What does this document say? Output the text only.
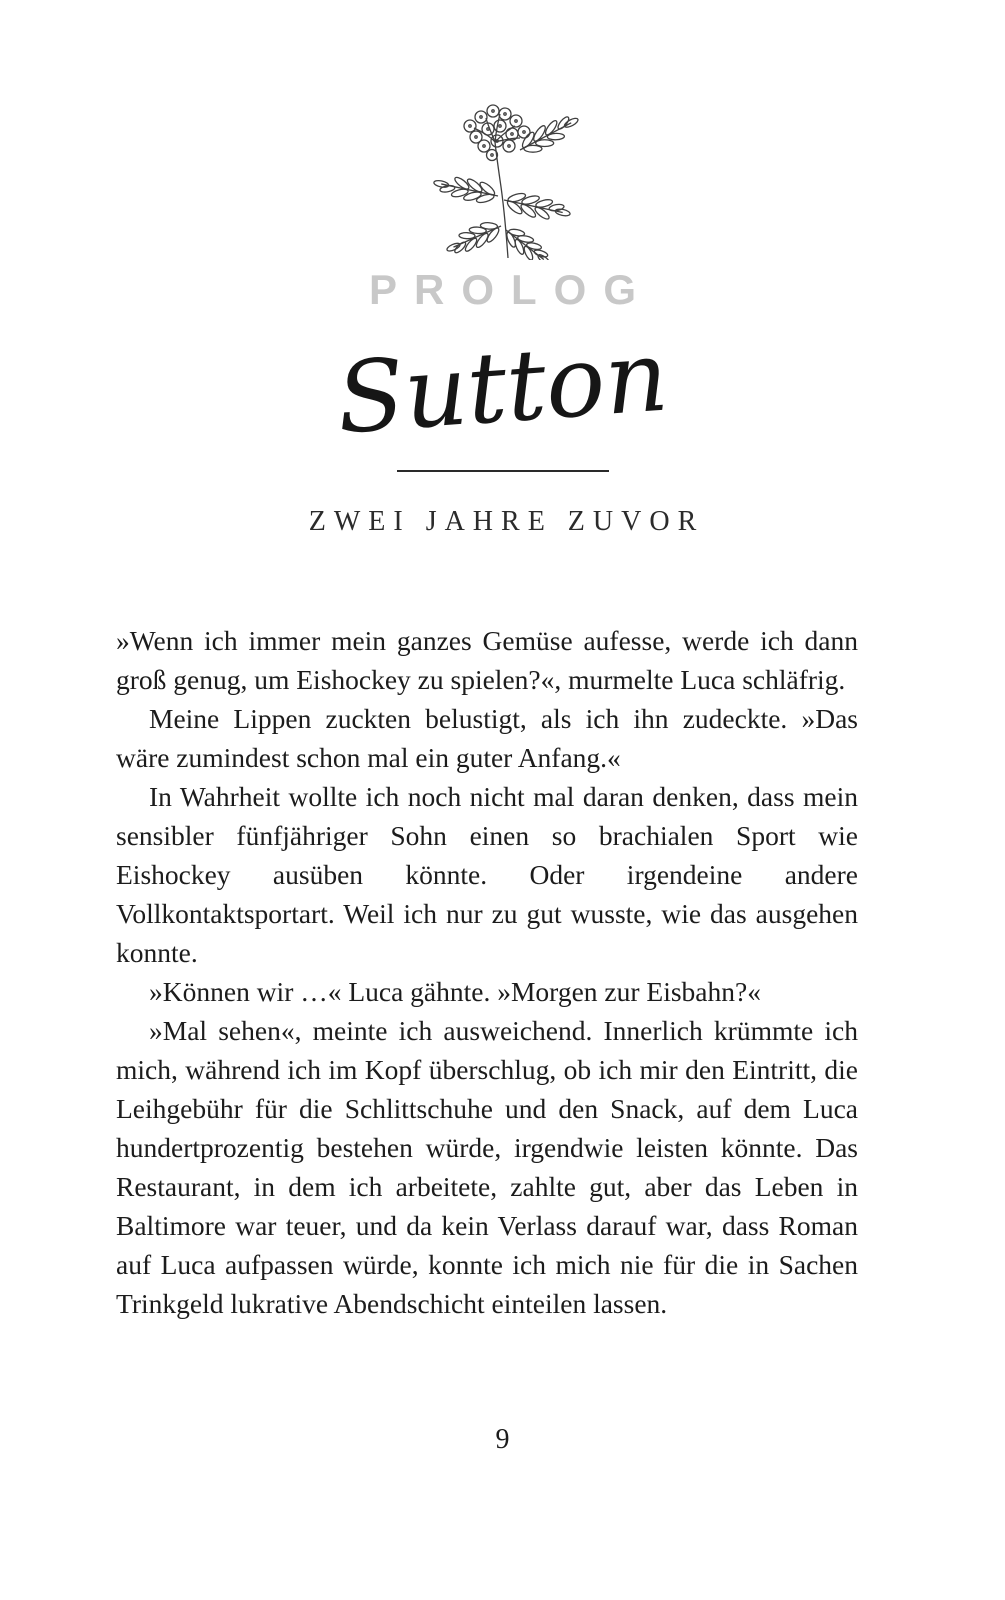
PROLOG
Sutton
ZWEI JAHRE ZUVOR

»Wenn ich immer mein ganzes Gemüse aufesse, werde ich dann groß genug, um Eishockey zu spielen?«, murmelte Luca schläfrig.

Meine Lippen zuckten belustigt, als ich ihn zudeckte. »Das wäre zumindest schon mal ein guter Anfang.«

In Wahrheit wollte ich noch nicht mal daran denken, dass mein sensibler fünfjähriger Sohn einen so brachialen Sport wie Eishockey ausüben könnte. Oder irgendeine andere Vollkontaktsportart. Weil ich nur zu gut wusste, wie das ausgehen konnte.

»Können wir …« Luca gähnte. »Morgen zur Eisbahn?«

»Mal sehen«, meinte ich ausweichend. Innerlich krümmte ich mich, während ich im Kopf überschlug, ob ich mir den Eintritt, die Leihgebühr für die Schlittschuhe und den Snack, auf dem Luca hundertprozentig bestehen würde, irgendwie leisten könnte. Das Restaurant, in dem ich arbeitete, zahlte gut, aber das Leben in Baltimore war teuer, und da kein Verlass darauf war, dass Roman auf Luca aufpassen würde, konnte ich mich nie für die in Sachen Trinkgeld lukrative Abendschicht einteilen lassen.

9
